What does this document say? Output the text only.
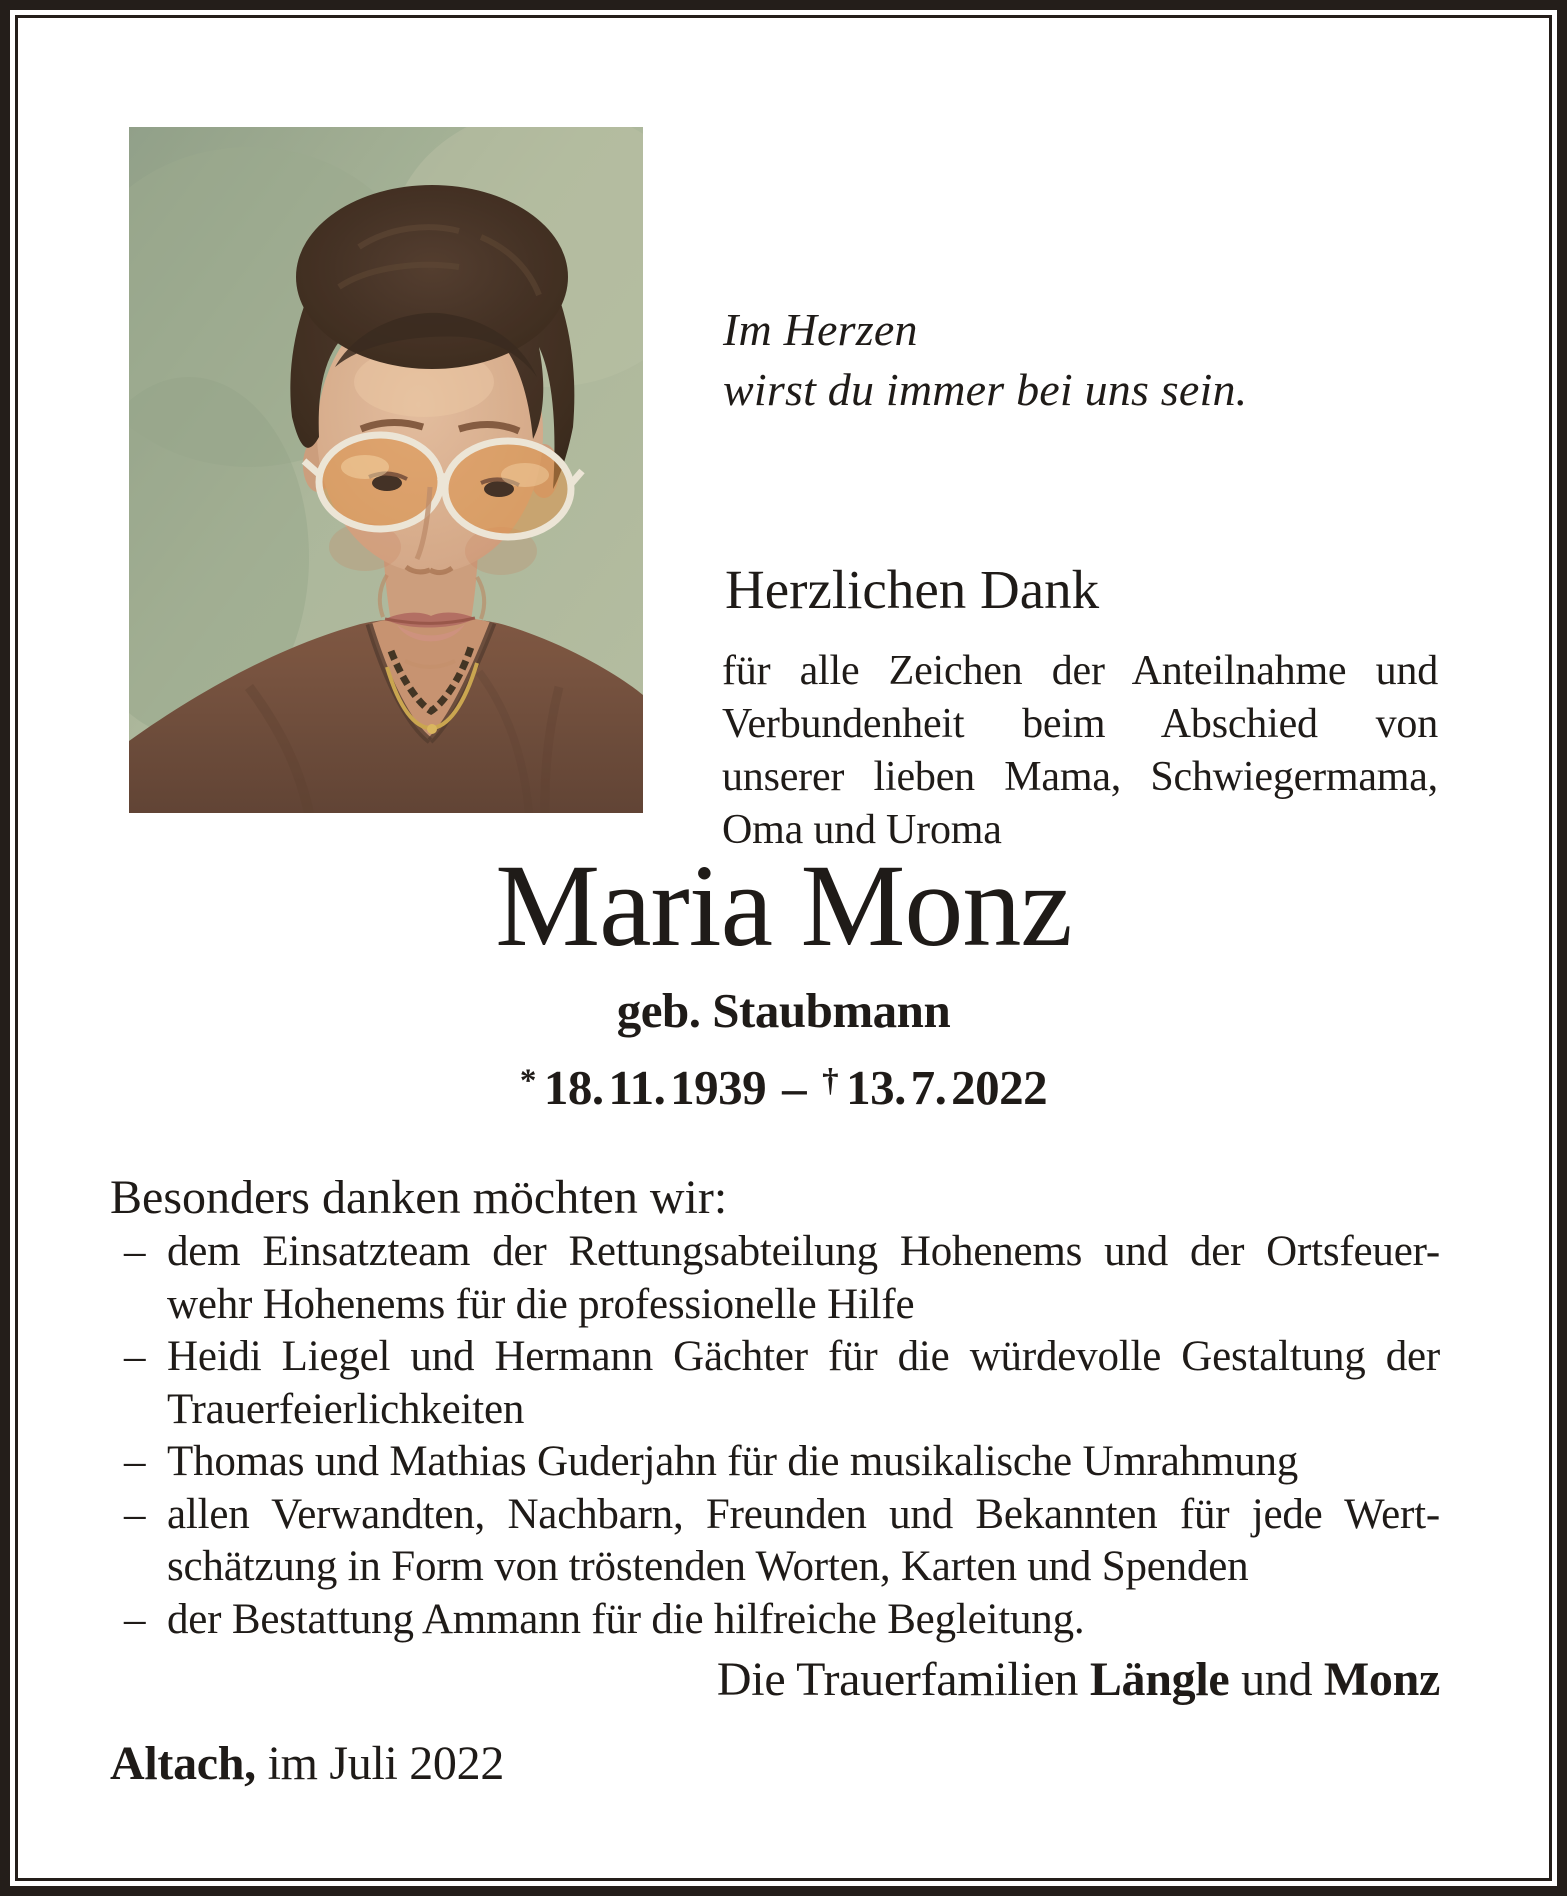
Im Herzen
wirst du immer bei uns sein.
Herzlichen Dank
für alle Zeichen der Anteilnahme und
Verbundenheit beim Abschied von
unserer lieben Mama, Schwiegermama,
Oma und Uroma
Maria Monz
geb. Staubmann
* 18. 11. 1939 – † 13. 7. 2022
Besonders danken möchten wir:
– dem Einsatzteam der Rettungsabteilung Hohenems und der Ortsfeuer-
wehr Hohenems für die professionelle Hilfe
– Heidi Liegel und Hermann Gächter für die würdevolle Gestaltung der
Trauerfeierlichkeiten
– Thomas und Mathias Guderjahn für die musikalische Umrahmung
– allen Verwandten, Nachbarn, Freunden und Bekannten für jede Wert-
schätzung in Form von tröstenden Worten, Karten und Spenden
– der Bestattung Ammann für die hilfreiche Begleitung.
Die Trauerfamilien Längle und Monz
Altach, im Juli 2022
